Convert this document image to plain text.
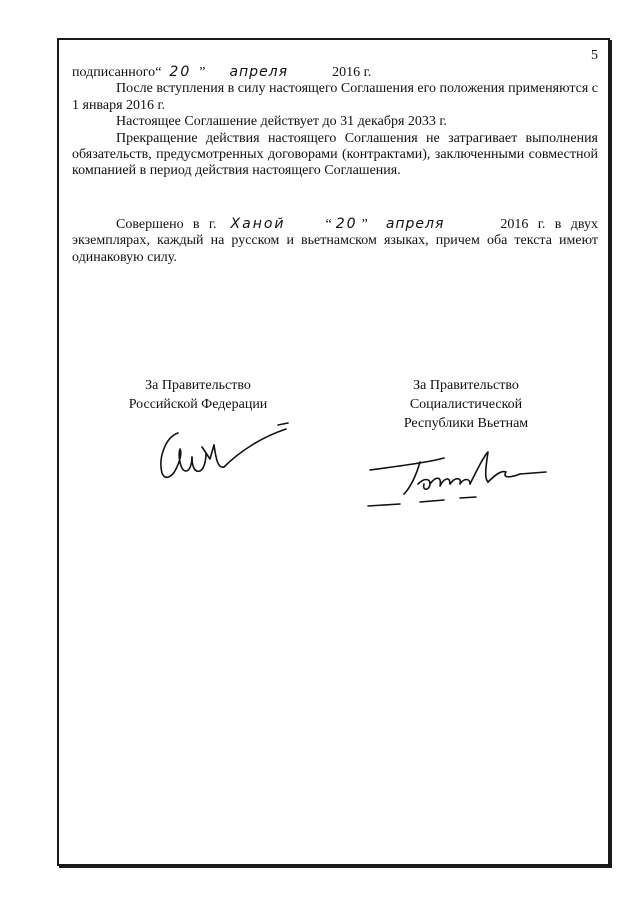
5

подписанного“ 20 ” апреля	2016 г.

После вступления в силу настоящего Соглашения его положения применяются с 1 января 2016 г.

Настоящее Соглашение действует до 31 декабря 2033 г.

Прекращение действия настоящего Соглашения не затрагивает выполнения обязательств, предусмотренных договорами (контрактами), заключенными совместной компанией в период действия настоящего Соглашения.

Совершено в г. Ханой	“ 20 ” апреля	2016 г. в двух экземплярах, каждый на русском и вьетнамском языках, причем оба текста имеют одинаковую силу.

За Правительство
Российской Федерации
За Правительство
Социалистической
Республики Вьетнам
